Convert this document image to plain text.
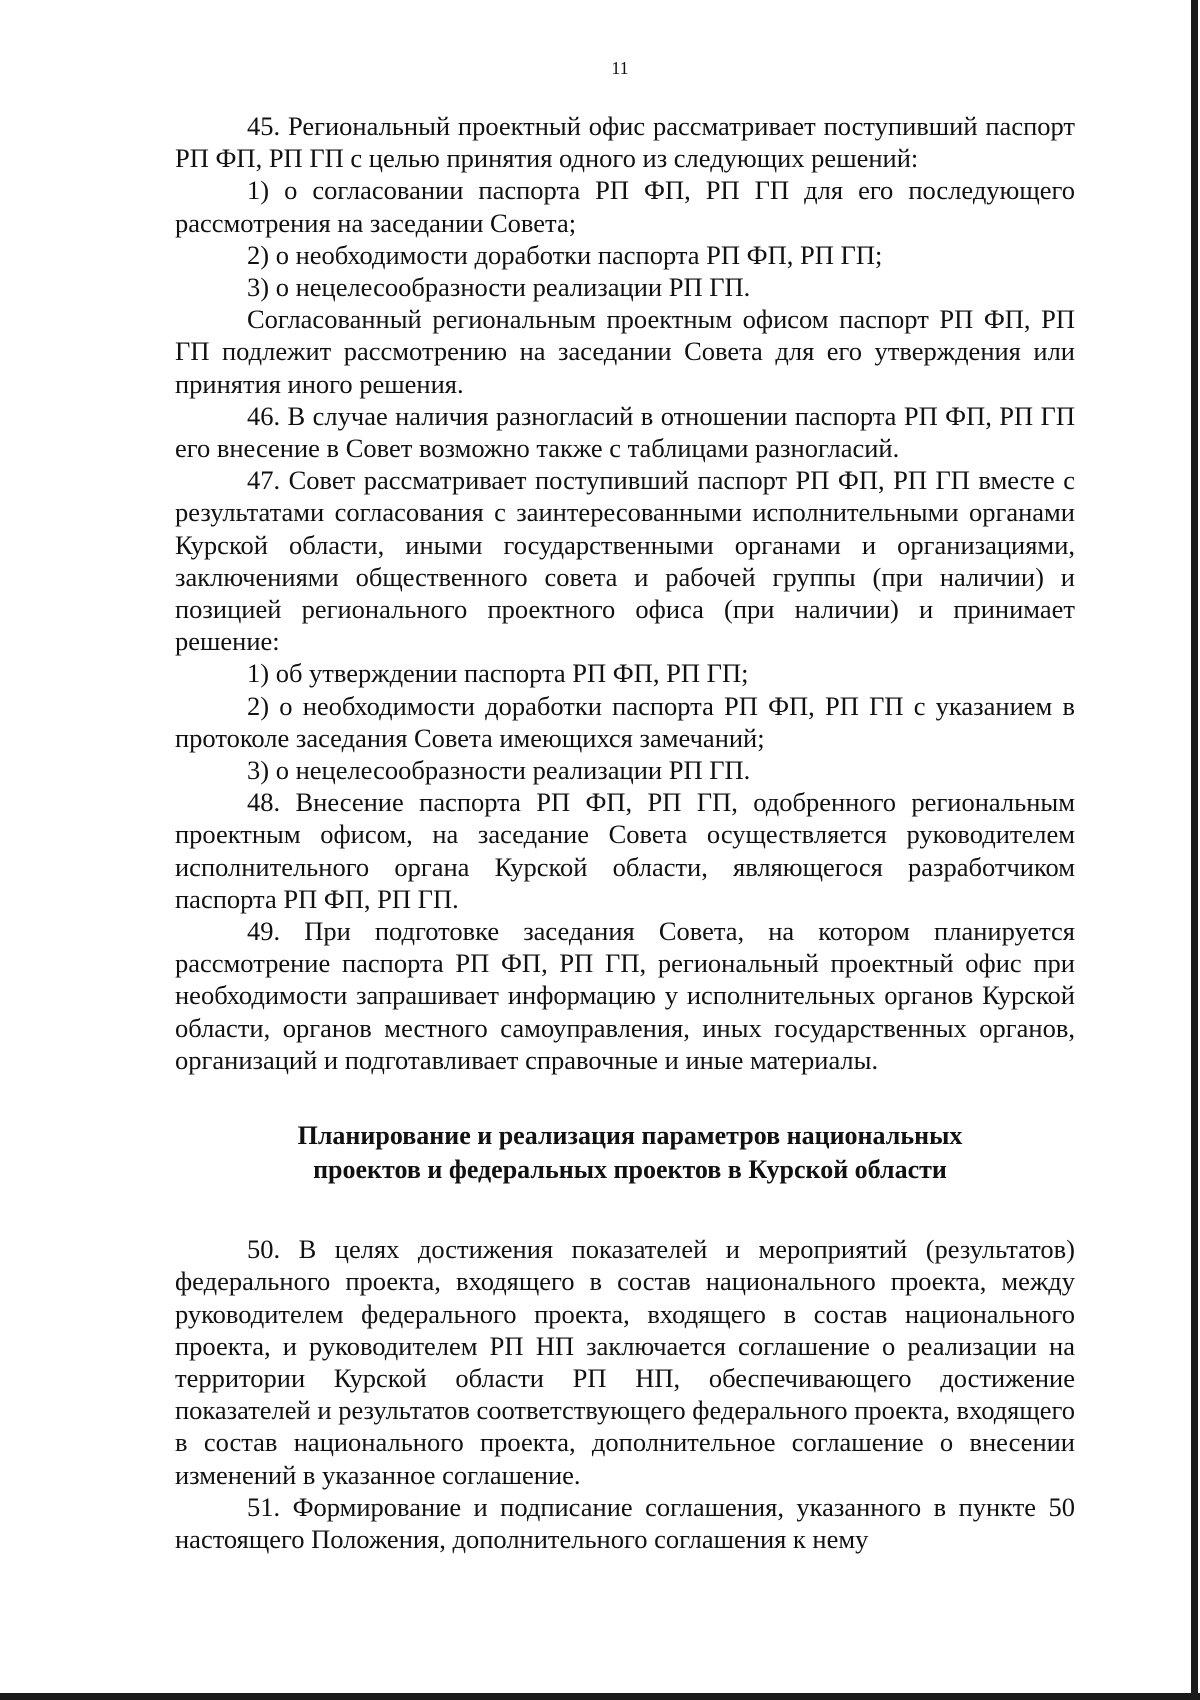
11

45. Региональный проектный офис рассматривает поступивший паспорт РП ФП, РП ГП с целью принятия одного из следующих решений:

1) о согласовании паспорта РП ФП, РП ГП для его последующего рассмотрения на заседании Совета;

2) о необходимости доработки паспорта РП ФП, РП ГП;

3) о нецелесообразности реализации РП ГП.

Согласованный региональным проектным офисом паспорт РП ФП, РП ГП подлежит рассмотрению на заседании Совета для его утверждения или принятия иного решения.

46. В случае наличия разногласий в отношении паспорта РП ФП, РП ГП его внесение в Совет возможно также с таблицами разногласий.

47. Совет рассматривает поступивший паспорт РП ФП, РП ГП вместе с результатами согласования с заинтересованными исполнительными органами Курской области, иными государственными органами и организациями, заключениями общественного совета и рабочей группы (при наличии) и позицией регионального проектного офиса (при наличии) и принимает решение:

1) об утверждении паспорта РП ФП, РП ГП;

2) о необходимости доработки паспорта РП ФП, РП ГП с указанием в протоколе заседания Совета имеющихся замечаний;

3) о нецелесообразности реализации РП ГП.

48. Внесение паспорта РП ФП, РП ГП, одобренного региональным проектным офисом, на заседание Совета осуществляется руководителем исполнительного органа Курской области, являющегося разработчиком паспорта РП ФП, РП ГП.

49. При подготовке заседания Совета, на котором планируется рассмотрение паспорта РП ФП, РП ГП, региональный проектный офис при необходимости запрашивает информацию у исполнительных органов Курской области, органов местного самоуправления, иных государственных органов, организаций и подготавливает справочные и иные материалы.

Планирование и реализация параметров национальных
проектов и федеральных проектов в Курской области

50. В целях достижения показателей и мероприятий (результатов) федерального проекта, входящего в состав национального проекта, между руководителем федерального проекта, входящего в состав национального проекта, и руководителем РП НП заключается соглашение о реализации на территории Курской области РП НП, обеспечивающего достижение показателей и результатов соответствующего федерального проекта, входящего в состав национального проекта, дополнительное соглашение о внесении изменений в указанное соглашение.

51. Формирование и подписание соглашения, указанного в пункте 50 настоящего Положения, дополнительного соглашения к нему
